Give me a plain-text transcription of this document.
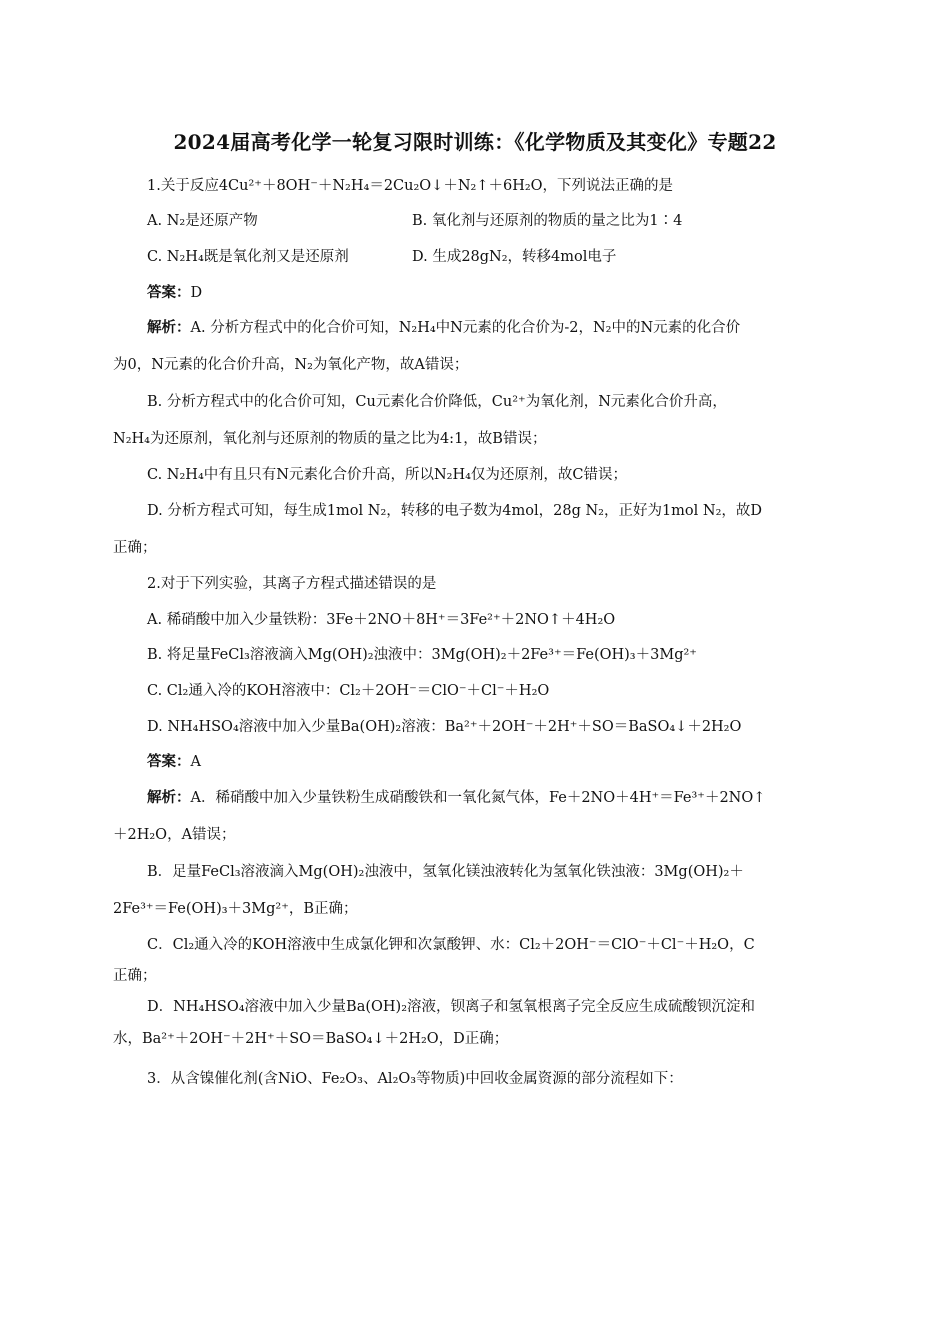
2024届高考化学一轮复习限时训练：《化学物质及其变化》专题22
1.关于反应4Cu²⁺＋8OH⁻＋N₂H₄＝2Cu₂O↓＋N₂↑＋6H₂O，下列说法正确的是
A. N₂是还原产物	B. 氧化剂与还原剂的物质的量之比为1∶4
C. N₂H₄既是氧化剂又是还原剂	D. 生成28gN₂，转移4mol电子
答案：D
解析：A. 分析方程式中的化合价可知，N₂H₄中N元素的化合价为-2，N₂中的N元素的化合价
为0，N元素的化合价升高，N₂为氧化产物，故A错误；
B. 分析方程式中的化合价可知，Cu元素化合价降低，Cu²⁺为氧化剂，N元素化合价升高，
N₂H₄为还原剂，氧化剂与还原剂的物质的量之比为4:1，故B错误；
C. N₂H₄中有且只有N元素化合价升高，所以N₂H₄仅为还原剂，故C错误；
D. 分析方程式可知，每生成1mol N₂，转移的电子数为4mol，28g N₂，正好为1mol N₂，故D
正确；
2.对于下列实验，其离子方程式描述错误的是
A. 稀硝酸中加入少量铁粉：3Fe＋2NO＋8H⁺＝3Fe²⁺＋2NO↑＋4H₂O
B. 将足量FeCl₃溶液滴入Mg(OH)₂浊液中：3Mg(OH)₂＋2Fe³⁺＝Fe(OH)₃＋3Mg²⁺
C. Cl₂通入冷的KOH溶液中：Cl₂＋2OH⁻＝ClO⁻＋Cl⁻＋H₂O
D. NH₄HSO₄溶液中加入少量Ba(OH)₂溶液：Ba²⁺＋2OH⁻＋2H⁺＋SO＝BaSO₄↓＋2H₂O
答案：A
解析：A．稀硝酸中加入少量铁粉生成硝酸铁和一氧化氮气体，Fe＋2NO＋4H⁺＝Fe³⁺＋2NO↑
＋2H₂O，A错误；
B．足量FeCl₃溶液滴入Mg(OH)₂浊液中，氢氧化镁浊液转化为氢氧化铁浊液：3Mg(OH)₂＋
2Fe³⁺＝Fe(OH)₃＋3Mg²⁺，B正确；
C．Cl₂通入冷的KOH溶液中生成氯化钾和次氯酸钾、水：Cl₂＋2OH⁻＝ClO⁻＋Cl⁻＋H₂O，C
正确；
D．NH₄HSO₄溶液中加入少量Ba(OH)₂溶液，钡离子和氢氧根离子完全反应生成硫酸钡沉淀和
水，Ba²⁺＋2OH⁻＋2H⁺＋SO＝BaSO₄↓＋2H₂O，D正确；
3．从含镍催化剂(含NiO、Fe₂O₃、Al₂O₃等物质)中回收金属资源的部分流程如下：
